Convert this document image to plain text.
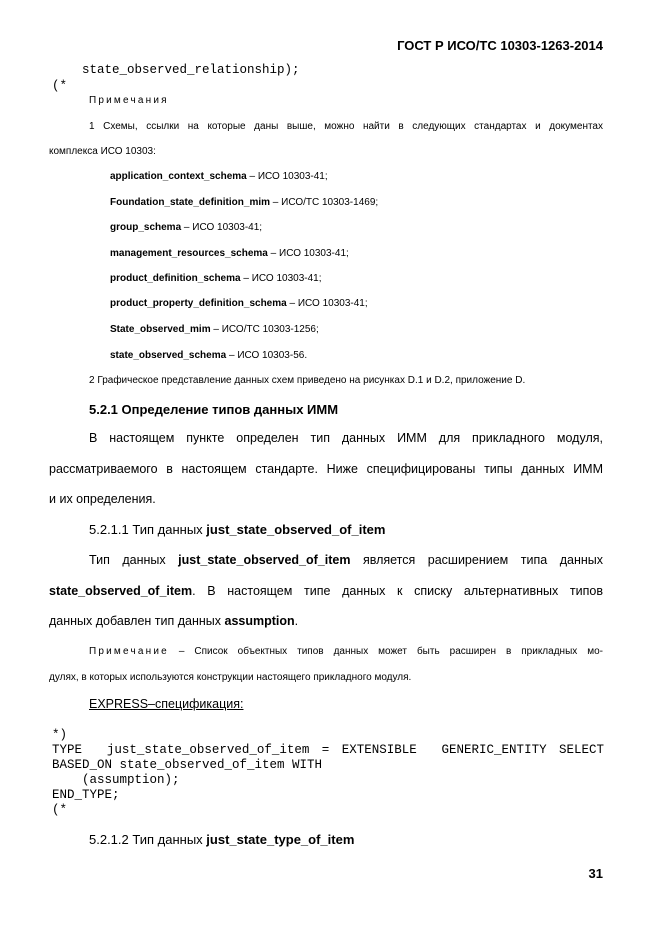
ГОСТ Р ИСО/ТС 10303-1263-2014
state_observed_relationship);
(*
Примечания
1 Схемы, ссылки на которые даны выше, можно найти в следующих стандартах и документах
комплекса ИСО 10303:
application_context_schema – ИСО 10303-41;
Foundation_state_definition_mim – ИСО/ТС 10303-1469;
group_schema – ИСО 10303-41;
management_resources_schema – ИСО 10303-41;
product_definition_schema – ИСО 10303-41;
product_property_definition_schema – ИСО 10303-41;
State_observed_mim – ИСО/ТС 10303-1256;
state_observed_schema – ИСО 10303-56.
2 Графическое представление данных схем приведено на рисунках D.1 и D.2, приложение D.
5.2.1 Определение типов данных ИММ
В настоящем пункте определен тип данных ИММ для прикладного модуля,
рассматриваемого в настоящем стандарте. Ниже специфицированы типы данных ИММ
и их определения.
5.2.1.1 Тип данных just_state_observed_of_item
Тип данных just_state_observed_of_item является расширением типа данных
state_observed_of_item. В настоящем типе данных к списку альтернативных типов
данных добавлен тип данных assumption.
Примечание – Список объектных типов данных может быть расширен в прикладных мо-
дулях, в которых используются конструкции настоящего прикладного модуля.
EXPRESS–спецификация:
*)
TYPE  just_state_observed_of_item = EXTENSIBLE  GENERIC_ENTITY SELECT
BASED_ON state_observed_of_item WITH
(assumption);
END_TYPE;
(*
5.2.1.2 Тип данных just_state_type_of_item
31
